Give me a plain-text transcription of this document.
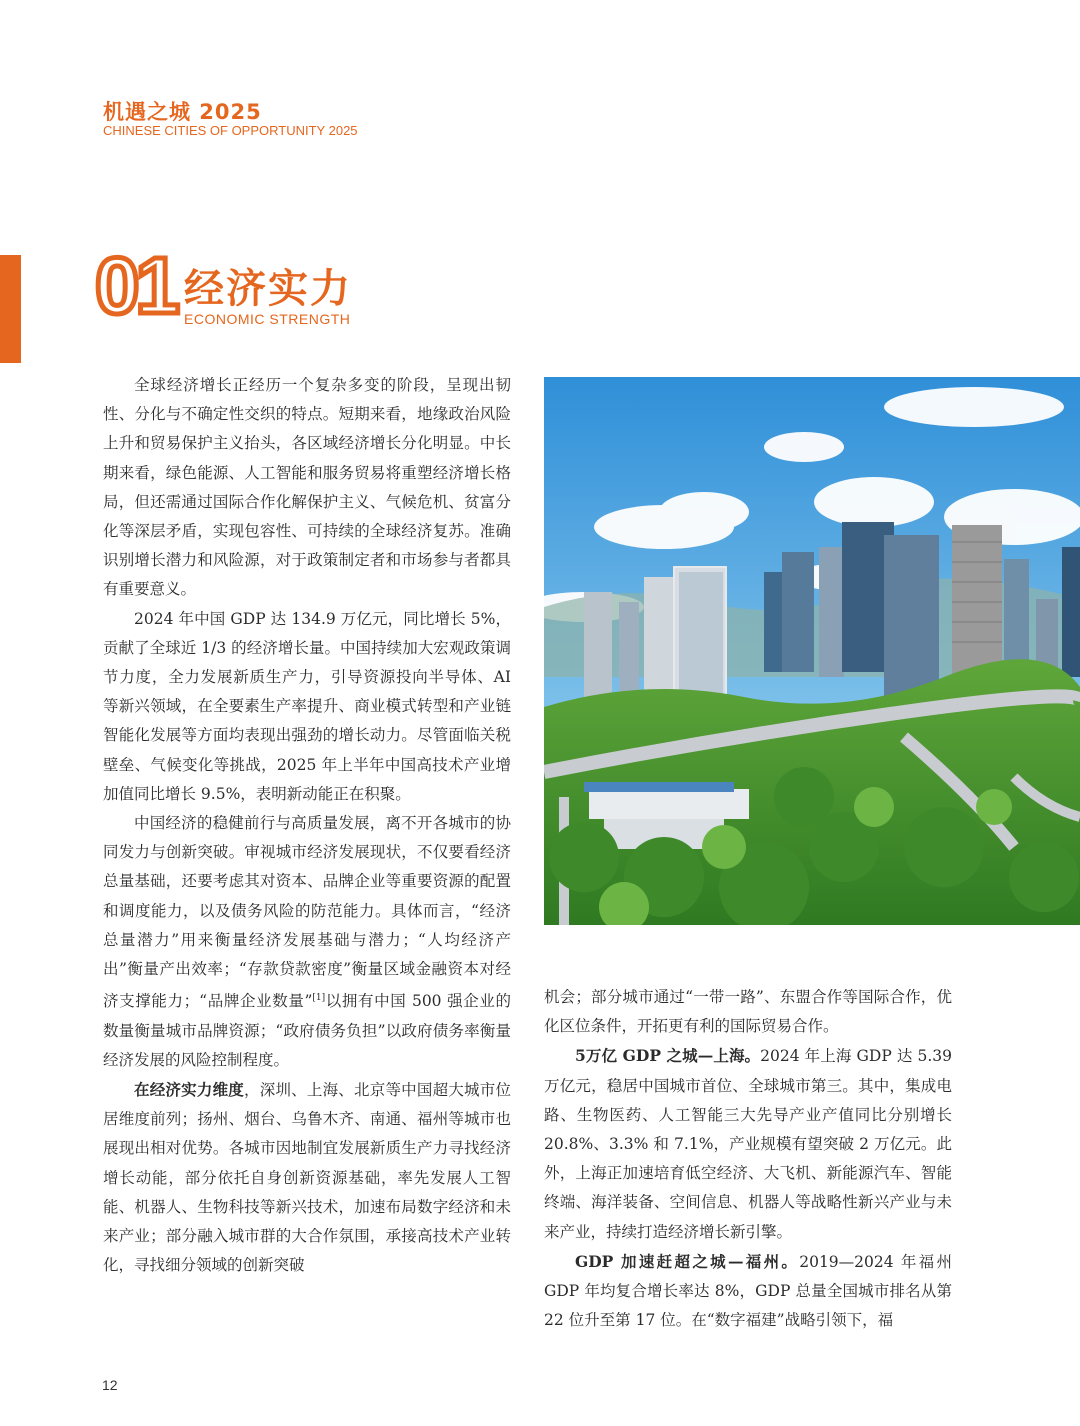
机遇之城 2025
CHINESE CITIES OF OPPORTUNITY 2025
01 经济实力
ECONOMIC STRENGTH

全球经济增长正经历一个复杂多变的阶段，呈现出韧性、分化与不确定性交织的特点。短期来看，地缘政治风险上升和贸易保护主义抬头，各区域经济增长分化明显。中长期来看，绿色能源、人工智能和服务贸易将重塑经济增长格局，但还需通过国际合作化解保护主义、气候危机、贫富分化等深层矛盾，实现包容性、可持续的全球经济复苏。准确识别增长潜力和风险源，对于政策制定者和市场参与者都具有重要意义。

2024 年中国 GDP 达 134.9 万亿元，同比增长 5%，贡献了全球近 1/3 的经济增长量。中国持续加大宏观政策调节力度，全力发展新质生产力，引导资源投向半导体、AI 等新兴领域，在全要素生产率提升、商业模式转型和产业链智能化发展等方面均表现出强劲的增长动力。尽管面临关税壁垒、气候变化等挑战，2025 年上半年中国高技术产业增加值同比增长 9.5%，表明新动能正在积聚。

中国经济的稳健前行与高质量发展，离不开各城市的协同发力与创新突破。审视城市经济发展现状，不仅要看经济总量基础，还要考虑其对资本、品牌企业等重要资源的配置和调度能力，以及债务风险的防范能力。具体而言，“经济总量潜力”用来衡量经济发展基础与潜力；“人均经济产出”衡量产出效率；“存款贷款密度”衡量区域金融资本对经济支撑能力；“品牌企业数量”[1]以拥有中国 500 强企业的数量衡量城市品牌资源；“政府债务负担”以政府债务率衡量经济发展的风险控制程度。

在经济实力维度，深圳、上海、北京等中国超大城市位居维度前列；扬州、烟台、乌鲁木齐、南通、福州等城市也展现出相对优势。各城市因地制宜发展新质生产力寻找经济增长动能，部分依托自身创新资源基础，率先发展人工智能、机器人、生物科技等新兴技术，加速布局数字经济和未来产业；部分融入城市群的大合作氛围，承接高技术产业转化，寻找细分领域的创新突破

机会；部分城市通过“一带一路”、东盟合作等国际合作，优化区位条件，开拓更有利的国际贸易合作。

5万亿 GDP 之城—上海。2024 年上海 GDP 达 5.39 万亿元，稳居中国城市首位、全球城市第三。其中，集成电路、生物医药、人工智能三大先导产业产值同比分别增长 20.8%、3.3% 和 7.1%，产业规模有望突破 2 万亿元。此外，上海正加速培育低空经济、大飞机、新能源汽车、智能终端、海洋装备、空间信息、机器人等战略性新兴产业与未来产业，持续打造经济增长新引擎。

GDP 加速赶超之城—福州。2019—2024 年福州 GDP 年均复合增长率达 8%，GDP 总量全国城市排名从第 22 位升至第 17 位。在“数字福建”战略引领下，福

12
